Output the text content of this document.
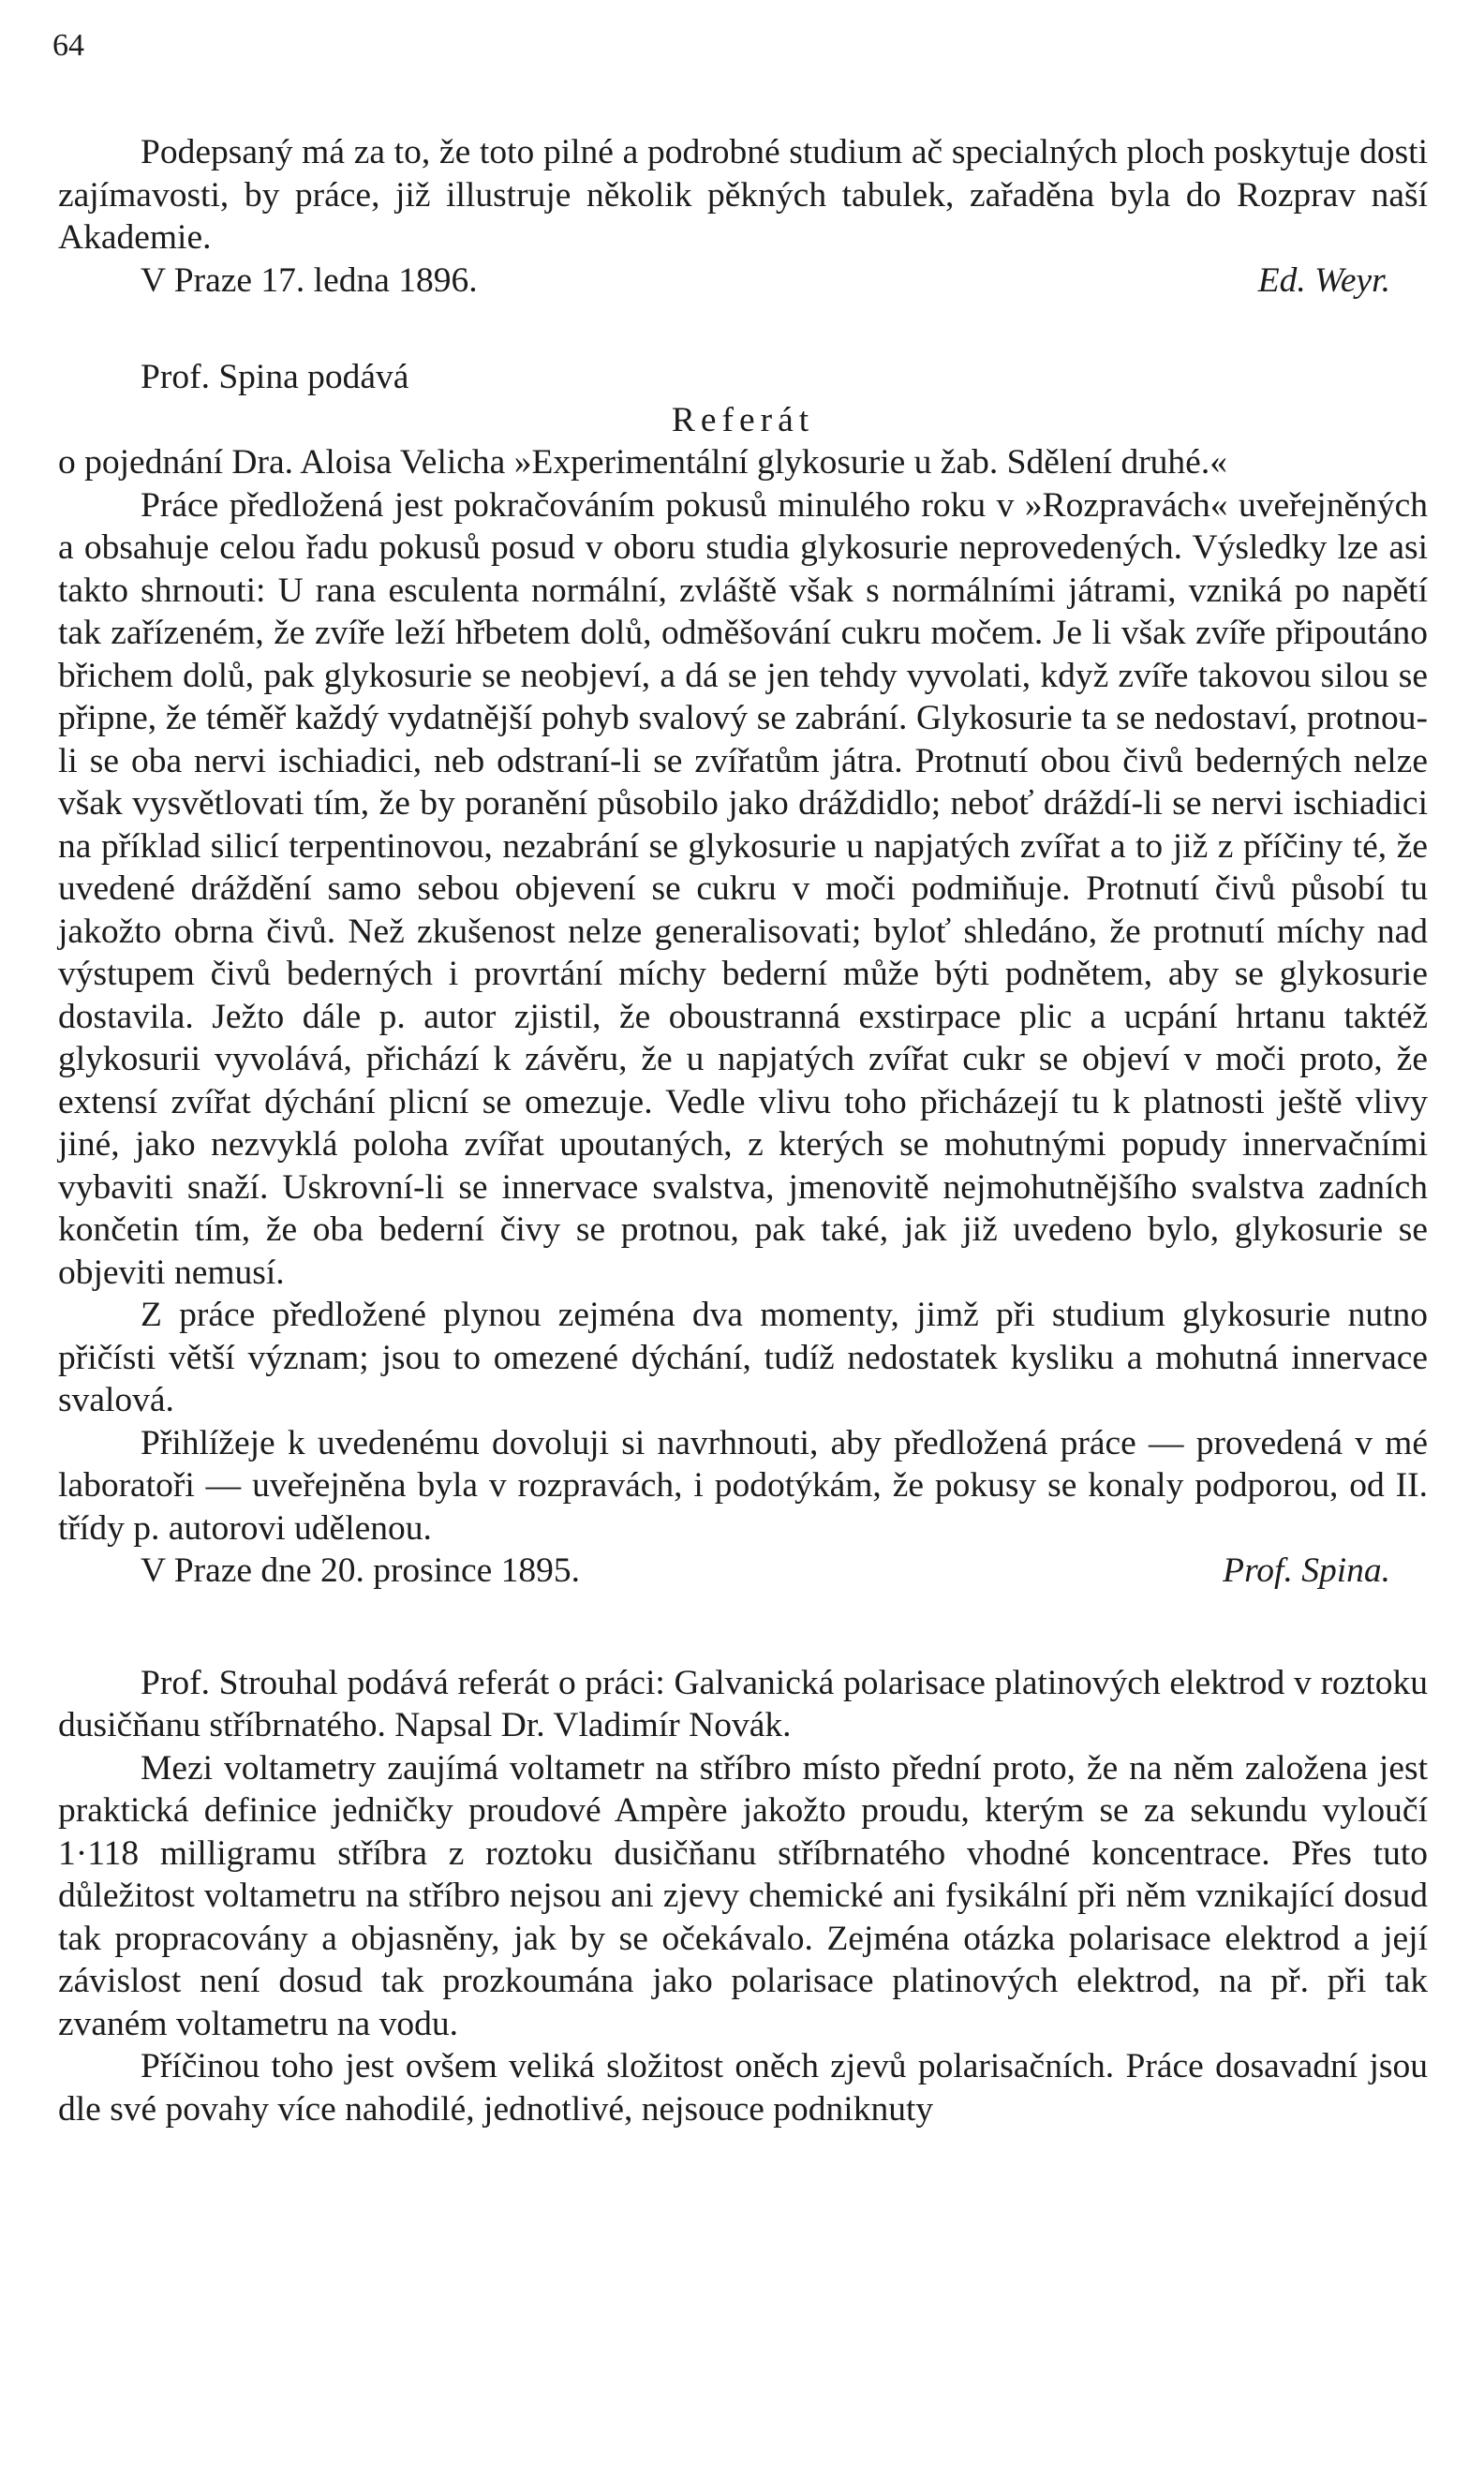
64

Podepsaný má za to, že toto pilné a podrobné studium ač specialných ploch poskytuje dosti zajímavosti, by práce, již illustruje několik pěkných tabulek, zařaděna byla do Rozprav naší Akademie.

V Praze 17. ledna 1896.	Ed. Weyr.

Prof. Spina podává

Referát

o pojednání Dra. Aloisa Velicha »Experimentální glykosurie u žab. Sdělení druhé.«

Práce předložená jest pokračováním pokusů minulého roku v »Rozpravách« uveřejněných a obsahuje celou řadu pokusů posud v oboru studia glykosurie neprovedených. Výsledky lze asi takto shrnouti: U rana esculenta normální, zvláště však s normálními játrami, vzniká po napětí tak zařízeném, že zvíře leží hřbetem dolů, odměšování cukru močem. Je li však zvíře připoutáno břichem dolů, pak glykosurie se neobjeví, a dá se jen tehdy vyvolati, když zvíře takovou silou se připne, že téměř každý vydatnější pohyb svalový se zabrání. Glykosurie ta se nedostaví, protnou-li se oba nervi ischiadici, neb odstraní-li se zvířatům játra. Protnutí obou čivů bederných nelze však vysvětlovati tím, že by poranění působilo jako dráždidlo; neboť dráždí-li se nervi ischiadici na příklad silicí terpentinovou, nezabrání se glykosurie u napjatých zvířat a to již z příčiny té, že uvedené dráždění samo sebou objevení se cukru v moči podmiňuje. Protnutí čivů působí tu jakožto obrna čivů. Než zkušenost nelze generalisovati; byloť shledáno, že protnutí míchy nad výstupem čivů bederných i provrtání míchy bederní může býti podnětem, aby se glykosurie dostavila. Ježto dále p. autor zjistil, že oboustranná exstirpace plic a ucpání hrtanu taktéž glykosurii vyvolává, přichází k závěru, že u napjatých zvířat cukr se objeví v moči proto, že extensí zvířat dýchání plicní se omezuje. Vedle vlivu toho přicházejí tu k platnosti ještě vlivy jiné, jako nezvyklá poloha zvířat upoutaných, z kterých se mohutnými popudy innervačními vybaviti snaží. Uskrovní-li se innervace svalstva, jmenovitě nejmohutnějšího svalstva zadních končetin tím, že oba bederní čivy se protnou, pak také, jak již uvedeno bylo, glykosurie se objeviti nemusí.

Z práce předložené plynou zejména dva momenty, jimž při studium glykosurie nutno přičísti větší význam; jsou to omezené dýchání, tudíž nedostatek kysliku a mohutná innervace svalová.

Přihlížeje k uvedenému dovoluji si navrhnouti, aby předložená práce — provedená v mé laboratoři — uveřejněna byla v rozpravách, i podotýkám, že pokusy se konaly podporou, od II. třídy p. autorovi udělenou.

V Praze dne 20. prosince 1895.	Prof. Spina.

Prof. Strouhal podává referát o práci: Galvanická polarisace platinových elektrod v roztoku dusičňanu stříbrnatého. Napsal Dr. Vladimír Novák.

Mezi voltametry zaujímá voltametr na stříbro místo přední proto, že na něm založena jest praktická definice jedničky proudové Ampère jakožto proudu, kterým se za sekundu vyloučí 1·118 milligramu stříbra z roztoku dusičňanu stříbrnatého vhodné koncentrace. Přes tuto důležitost voltametru na stříbro nejsou ani zjevy chemické ani fysikální při něm vznikající dosud tak propracovány a objasněny, jak by se očekávalo. Zejména otázka polarisace elektrod a její závislost není dosud tak prozkoumána jako polarisace platinových elektrod, na př. při tak zvaném voltametru na vodu.

Příčinou toho jest ovšem veliká složitost oněch zjevů polarisačních. Práce dosavadní jsou dle své povahy více nahodilé, jednotlivé, nejsouce podniknuty
